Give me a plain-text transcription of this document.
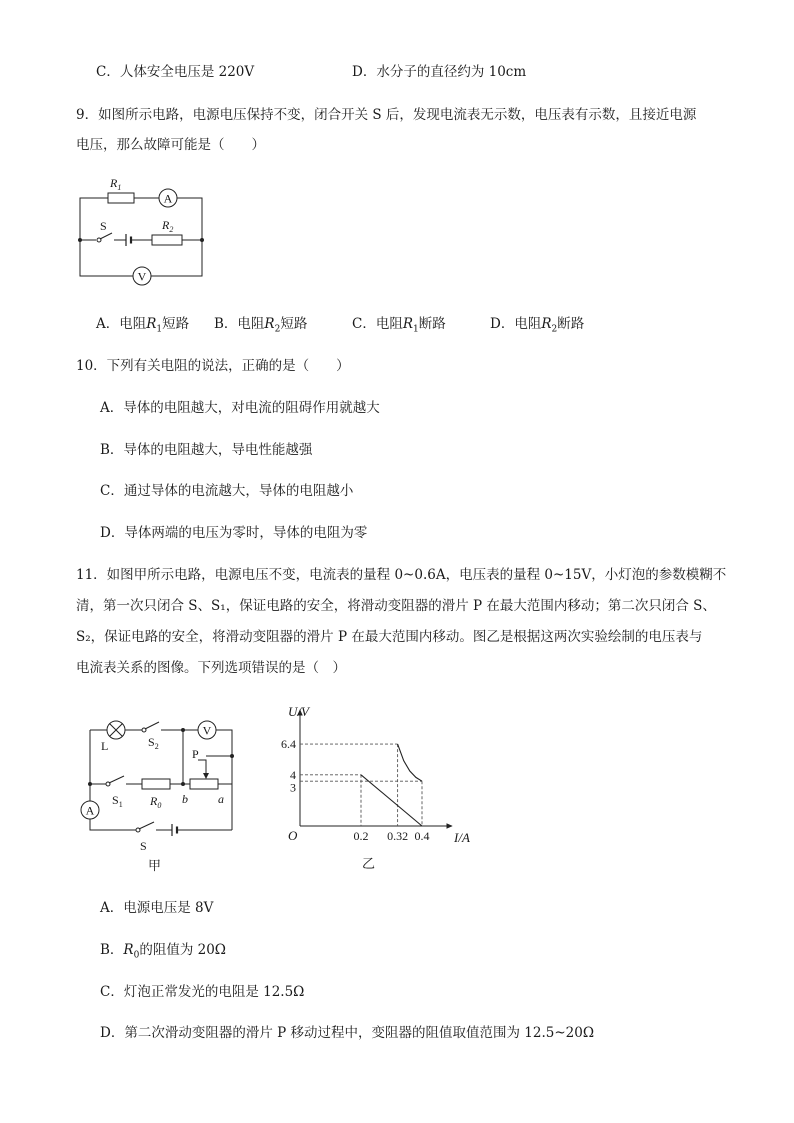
C．人体安全电压是 220V	D．水分子的直径约为 10cm
9．如图所示电路，电源电压保持不变，闭合开关 S 后，发现电流表无示数，电压表有示数，且接近电源
电压，那么故障可能是（　　）
A
V
$R_1$
S	$R_2$
A．电阻$R_1$短路 B．电阻$R_2$短路	C．电阻$R_1$断路	D．电阻$R_2$断路
10．下列有关电阻的说法，正确的是（　　）
A．导体的电阻越大，对电流的阻碍作用就越大
B．导体的电阻越大，导电性能越强
C．通过导体的电流越大，导体的电阻越小
D．导体两端的电压为零时，导体的电阻为零
11．如图甲所示电路，电源电压不变，电流表的量程 0~0.6A，电压表的量程 0~15V，小灯泡的参数模糊不
清，第一次只闭合 S、S₁，保证电路的安全，将滑动变阻器的滑片 P 在最大范围内移动；第二次只闭合 S、
S₂，保证电路的安全，将滑动变阻器的滑片 P 在最大范围内移动。图乙是根据这两次实验绘制的电压表与
电流表关系的图像。下列选项错误的是（　）
V
A
L	$S_2$
P
$S_1$ $R_0$ b	a
S
甲
O
U/V
I/A
0.2 0.32 0.4
3
4
6.4
乙
A．电源电压是 8V
B．$R_0$的阻值为 20Ω
C．灯泡正常发光的电阻是 12.5Ω
D．第二次滑动变阻器的滑片 P 移动过程中，变阻器的阻值取值范围为 12.5~20Ω
